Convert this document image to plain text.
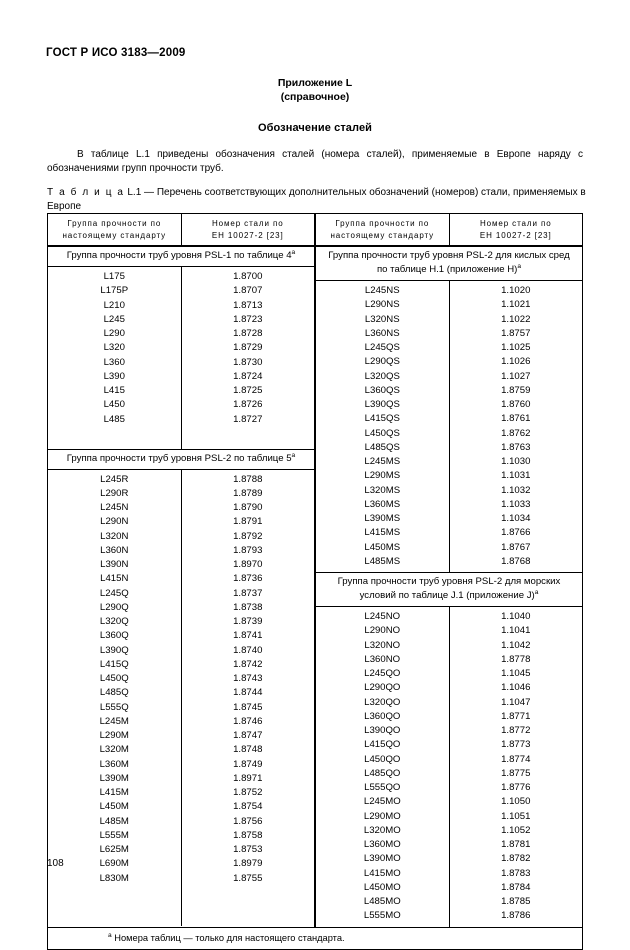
ГОСТ Р ИСО 3183—2009
Приложение L
(справочное)
Обозначение сталей
В таблице L.1 приведены обозначения сталей (номера сталей), применяемые в Европе наряду с обозначениями групп прочности труб.
Т а б л и ц а L.1 — Перечень соответствующих дополнительных обозначений (номеров) стали, применяемых в Европе
Группа прочности по
настоящему стандарту
Номер стали по
ЕН 10027-2 [23]
Группа прочности труб уровня PSL-1 по таблице 4$^a$
L175
L175P
L210
L245
L290
L320
L360
L390
L415
L450
L485
1.8700
1.8707
1.8713
1.8723
1.8728
1.8729
1.8730
1.8724
1.8725
1.8726
1.8727
Группа прочности труб уровня PSL-2 по таблице 5$^a$
L245R
L290R
L245N
L290N
L320N
L360N
L390N
L415N
L245Q
L290Q
L320Q
L360Q
L390Q
L415Q
L450Q
L485Q
L555Q
L245M
L290M
L320M
L360M
L390M
L415M
L450M
L485M
L555M
L625M
L690M
L830M
1.8788
1.8789
1.8790
1.8791
1.8792
1.8793
1.8970
1.8736
1.8737
1.8738
1.8739
1.8741
1.8740
1.8742
1.8743
1.8744
1.8745
1.8746
1.8747
1.8748
1.8749
1.8971
1.8752
1.8754
1.8756
1.8758
1.8753
1.8979
1.8755
Группа прочности по
настоящему стандарту
Номер стали по
ЕН 10027-2 [23]
Группа прочности труб уровня PSL-2 для кислых сред
по таблице H.1 (приложение H)$^a$
L245NS
L290NS
L320NS
L360NS
L245QS
L290QS
L320QS
L360QS
L390QS
L415QS
L450QS
L485QS
L245MS
L290MS
L320MS
L360MS
L390MS
L415MS
L450MS
L485MS
1.1020
1.1021
1.1022
1.8757
1.1025
1.1026
1.1027
1.8759
1.8760
1.8761
1.8762
1.8763
1.1030
1.1031
1.1032
1.1033
1.1034
1.8766
1.8767
1.8768
Группа прочности труб уровня PSL-2 для морских
условий по таблице J.1 (приложение J)$^a$
L245NO
L290NO
L320NO
L360NO
L245QO
L290QO
L320QO
L360QO
L390QO
L415QO
L450QO
L485QO
L555QO
L245MO
L290MO
L320MO
L360MO
L390MO
L415MO
L450MO
L485MO
L555MO
1.1040
1.1041
1.1042
1.8778
1.1045
1.1046
1.1047
1.8771
1.8772
1.8773
1.8774
1.8775
1.8776
1.1050
1.1051
1.1052
1.8781
1.8782
1.8783
1.8784
1.8785
1.8786
$^a$ Номера таблиц — только для настоящего стандарта.
108
